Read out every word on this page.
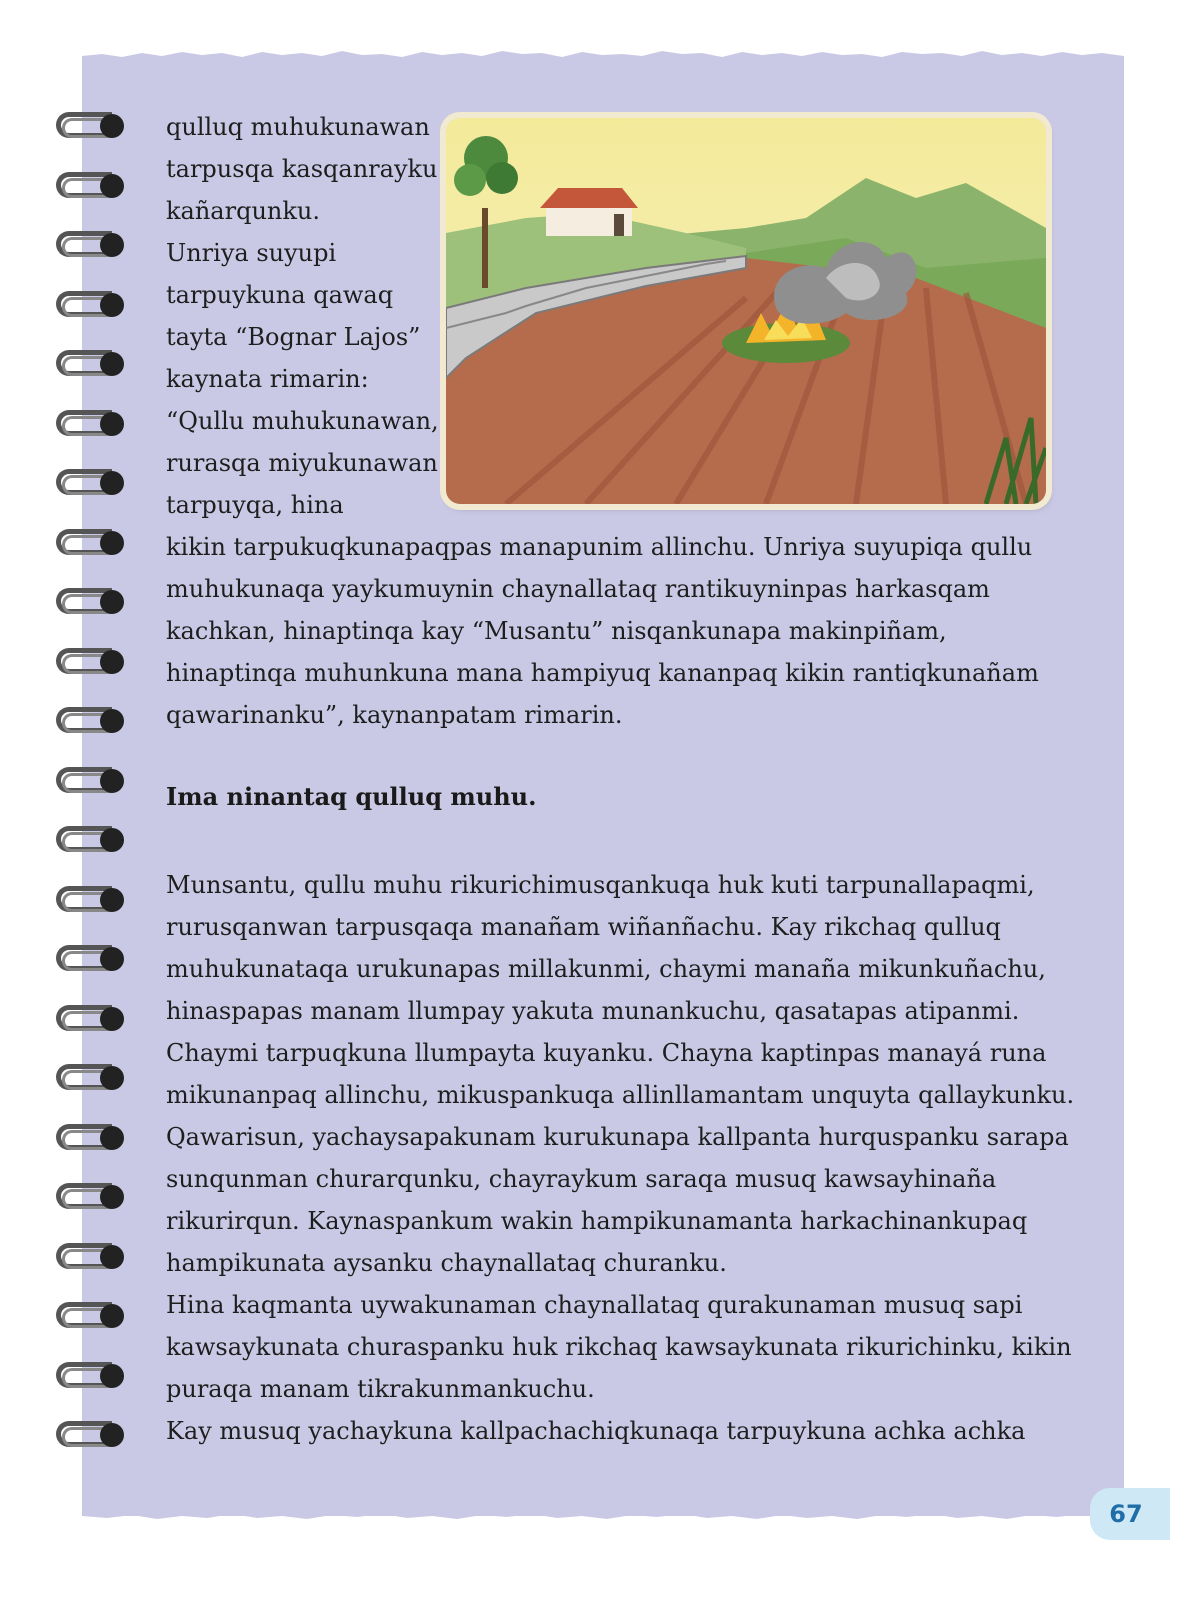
qulluq muhukunawan
tarpusqa kasqanrayku
kañarqunku.
Unriya suyupi
tarpuykuna qawaq
tayta “Bognar Lajos”
kaynata rimarin:
“Qullu muhukunawan,
rurasqa miyukunawan
tarpuyqa, hina
kikin tarpukuqkunapaqpas manapunim allinchu. Unriya suyupiqa qullu
muhukunaqa yaykumuynin chaynallataq rantikuyninpas harkasqam
kachkan, hinaptinqa kay “Musantu” nisqankunapa makinpiñam,
hinaptinqa muhunkuna mana hampiyuq kananpaq kikin rantiqkunañam
qawarinanku”, kaynanpatam rimarin.
Ima ninantaq qulluq muhu.
Munsantu, qullu muhu rikurichimusqankuqa huk kuti tarpunallapaqmi,
rurusqanwan tarpusqaqa manañam wiñanñachu. Kay rikchaq qulluq
muhukunataqa urukunapas millakunmi, chaymi manaña mikunkuñachu,
hinaspapas manam llumpay yakuta munankuchu, qasatapas atipanmi.
Chaymi tarpuqkuna llumpayta kuyanku. Chayna kaptinpas manayá runa
mikunanpaq allinchu, mikuspankuqa allinllamantam unquyta qallaykunku.
Qawarisun, yachaysapakunam kurukunapa kallpanta hurquspanku sarapa
sunqunman churarqunku, chayraykum saraqa musuq kawsayhinaña
rikurirqun. Kaynaspankum wakin hampikunamanta harkachinankupaq
hampikunata aysanku chaynallataq churanku.
Hina kaqmanta uywakunaman chaynallataq qurakunaman musuq sapi
kawsaykunata churaspanku huk rikchaq kawsaykunata rikurichinku, kikin
puraqa manam tikrakunmankuchu.
Kay musuq yachaykuna kallpachachiqkunaqa tarpuykuna achka achka
67
